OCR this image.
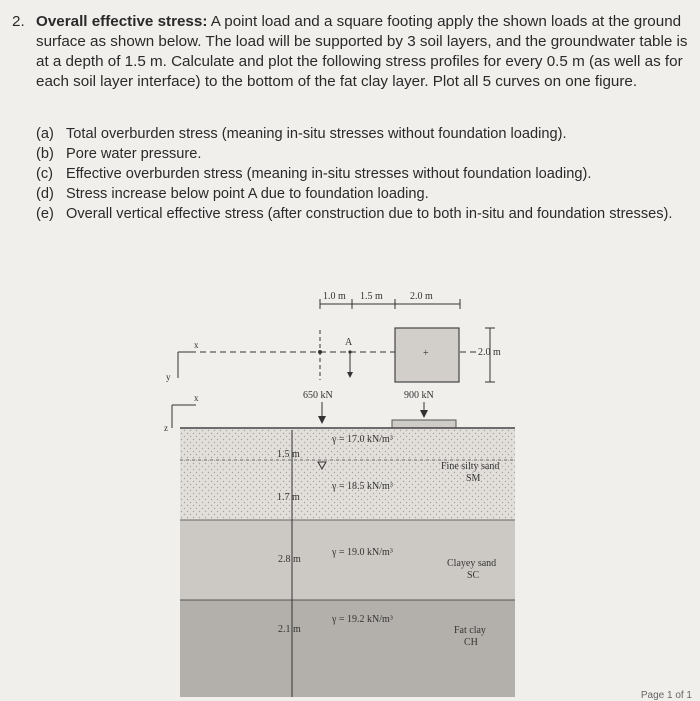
2. Overall effective stress: A point load and a square footing apply the shown loads at the ground surface as shown below. The load will be supported by 3 soil layers, and the groundwater table is at a depth of 1.5 m. Calculate and plot the following stress profiles for every 0.5 m (as well as for each soil layer interface) to the bottom of the fat clay layer. Plot all 5 curves on one figure.
(a) Total overburden stress (meaning in-situ stresses without foundation loading).
(b) Pore water pressure.
(c) Effective overburden stress (meaning in-situ stresses without foundation loading).
(d) Stress increase below point A due to foundation loading.
(e) Overall vertical effective stress (after construction due to both in-situ and foundation stresses).
1.0 m 1.5 m	2.0 m
A
+	2.0 m
x
y
650 kN	900 kN
x
z
1.5 m
1.7 m
2.8 m
2.1 m
γ = 17.0 kN/m³
γ = 18.5 kN/m³
γ = 19.0 kN/m³
γ = 19.2 kN/m³
Fine silty sand
SM
Clayey sand
SC
Fat clay
CH
Page 1 of 1
